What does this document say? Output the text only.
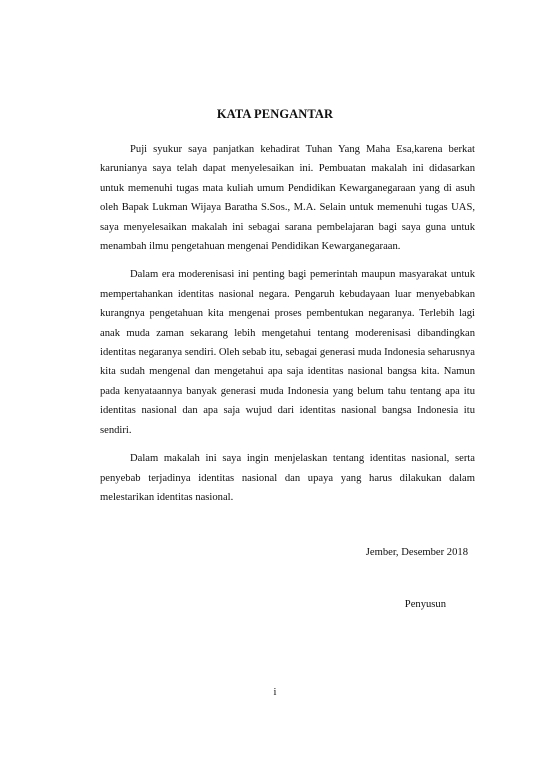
KATA PENGANTAR

Puji syukur saya panjatkan kehadirat Tuhan Yang Maha Esa,karena berkat karunianya saya telah dapat menyelesaikan ini. Pembuatan makalah ini didasarkan untuk memenuhi tugas mata kuliah umum Pendidikan Kewarganegaraan yang di asuh oleh Bapak Lukman Wijaya Baratha S.Sos., M.A. Selain untuk memenuhi tugas UAS, saya menyelesaikan makalah ini sebagai sarana pembelajaran bagi saya guna untuk menambah ilmu pengetahuan mengenai Pendidikan Kewarganegaraan.

Dalam era moderenisasi ini penting bagi pemerintah maupun masyarakat untuk mempertahankan identitas nasional negara. Pengaruh kebudayaan luar menyebabkan kurangnya pengetahuan kita mengenai proses pembentukan negaranya. Terlebih lagi anak muda zaman sekarang lebih mengetahui tentang moderenisasi dibandingkan identitas negaranya sendiri. Oleh sebab itu, sebagai generasi muda Indonesia seharusnya kita sudah mengenal dan mengetahui apa saja identitas nasional bangsa kita. Namun pada kenyataannya banyak generasi muda Indonesia yang belum tahu tentang apa itu identitas nasional dan apa saja wujud dari identitas nasional bangsa Indonesia itu sendiri.

Dalam makalah ini saya ingin menjelaskan tentang identitas nasional, serta penyebab terjadinya identitas nasional dan upaya yang harus dilakukan dalam melestarikan identitas nasional.

Jember, Desember 2018
Penyusun
i
